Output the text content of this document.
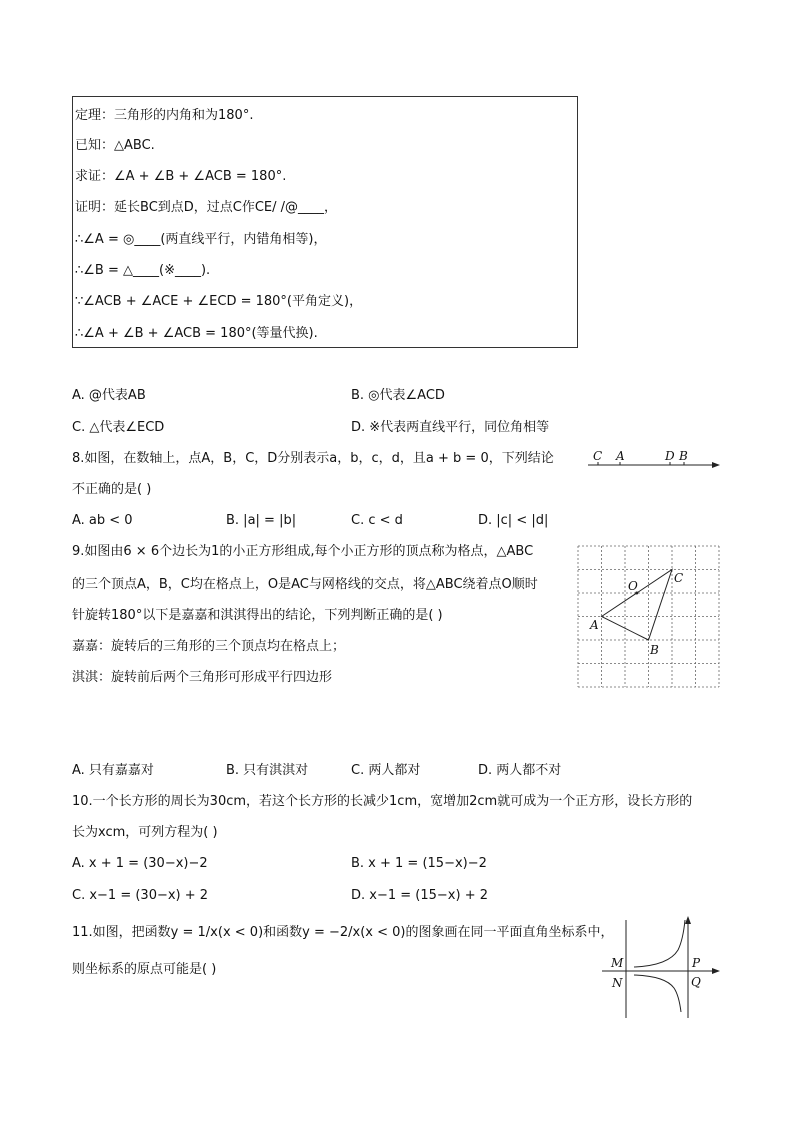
定理：三角形的内角和为180°.
已知：△ABC.
求证：∠A + ∠B + ∠ACB = 180°.
证明：延长BC到点D，过点C作CE/ /@____，
∴∠A = ◎____(两直线平行，内错角相等)，
∴∠B = △____(※____).
∵∠ACB + ∠ACE + ∠ECD = 180°(平角定义)，
∴∠A + ∠B + ∠ACB = 180°(等量代换).
A. @代表AB	B. ◎代表∠ACD
C. △代表∠ECD	D. ※代表两直线平行，同位角相等
8.如图，在数轴上，点A，B，C，D分别表示a，b，c，d，且a + b = 0，下列结论
不正确的是( )
C A	D B
A. ab < 0	B. |a| = |b|	C. c < d	D. |c| < |d|
9.如图由6 × 6个边长为1的小正方形组成,每个小正方形的顶点称为格点，△ABC
的三个顶点A，B，C均在格点上，O是AC与网格线的交点，将△ABC绕着点O顺时
针旋转180°以下是嘉嘉和淇淇得出的结论，下列判断正确的是( )
嘉嘉：旋转后的三角形的三个顶点均在格点上；
淇淇：旋转前后两个三角形可形成平行四边形
O
C
A
B
A. 只有嘉嘉对	B. 只有淇淇对	C. 两人都对	D. 两人都不对
10.一个长方形的周长为30cm，若这个长方形的长减少1cm，宽增加2cm就可成为一个正方形，设长方形的
长为xcm，可列方程为( )
A. x + 1 = (30−x)−2	B. x + 1 = (15−x)−2
C. x−1 = (30−x) + 2	D. x−1 = (15−x) + 2
11.如图，把函数y = 1/x(x < 0)和函数y = −2/x(x < 0)的图象画在同一平面直角坐标系中，
则坐标系的原点可能是( )	M
N
P
Q
